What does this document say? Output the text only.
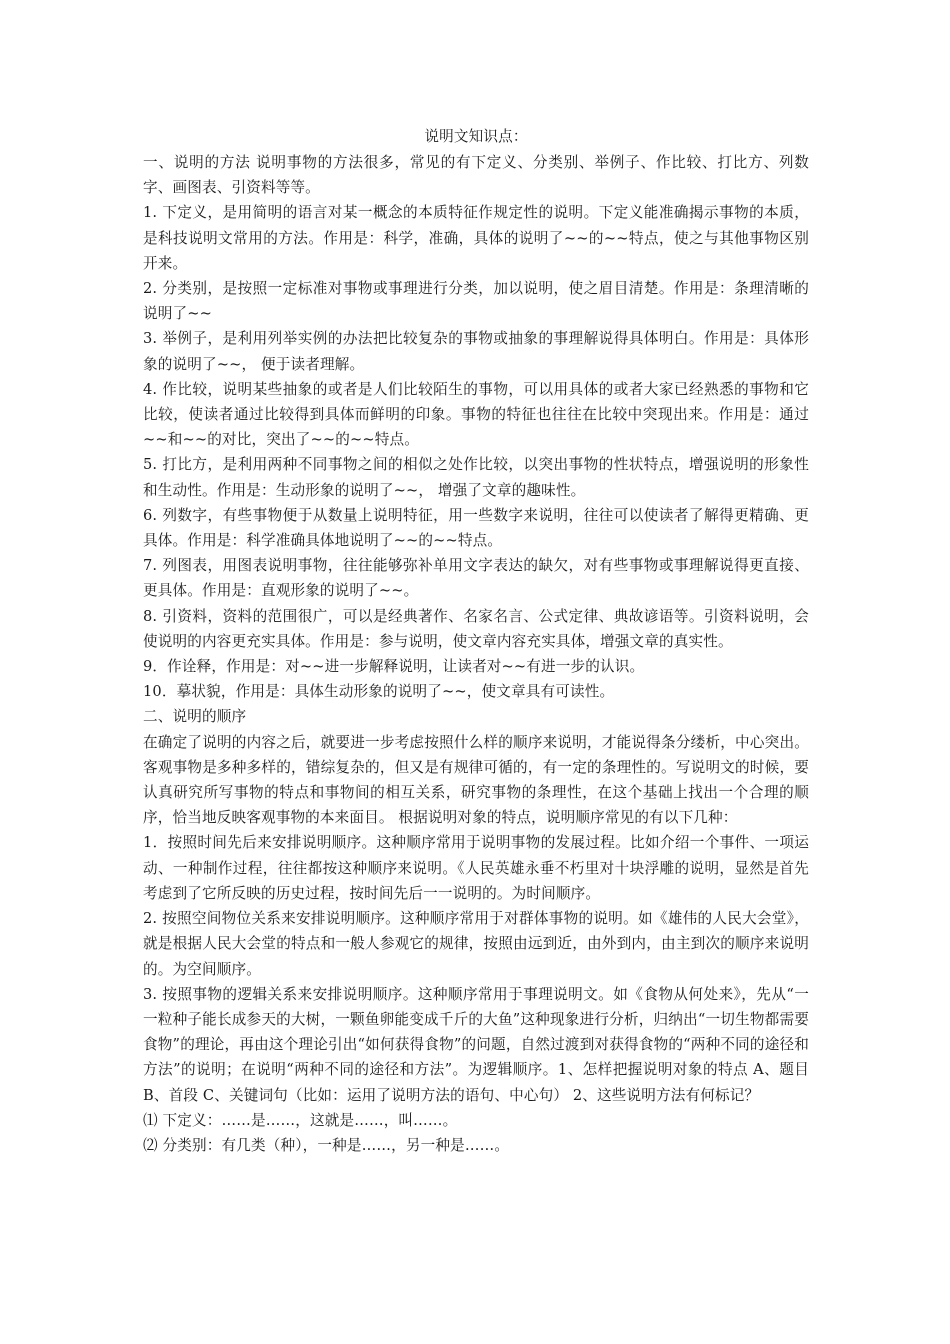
说明文知识点：

一、说明的方法 说明事物的方法很多，常见的有下定义、分类别、举例子、作比较、打比方、列数字、画图表、引资料等等。

1. 下定义，是用简明的语言对某一概念的本质特征作规定性的说明。下定义能准确揭示事物的本质，是科技说明文常用的方法。作用是：科学，准确，具体的说明了~~的~~特点，使之与其他事物区别开来。

2. 分类别，是按照一定标准对事物或事理进行分类，加以说明，使之眉目清楚。作用是：条理清晰的说明了~~

3. 举例子，是利用列举实例的办法把比较复杂的事物或抽象的事理解说得具体明白。作用是：具体形象的说明了~~， 便于读者理解。

4. 作比较，说明某些抽象的或者是人们比较陌生的事物，可以用具体的或者大家已经熟悉的事物和它比较，使读者通过比较得到具体而鲜明的印象。事物的特征也往往在比较中突现出来。作用是：通过~~和~~的对比，突出了~~的~~特点。

5. 打比方，是利用两种不同事物之间的相似之处作比较，以突出事物的性状特点，增强说明的形象性和生动性。作用是：生动形象的说明了~~， 增强了文章的趣味性。

6. 列数字，有些事物便于从数量上说明特征，用一些数字来说明，往往可以使读者了解得更精确、更具体。作用是：科学准确具体地说明了~~的~~特点。

7. 列图表，用图表说明事物，往往能够弥补单用文字表达的缺欠，对有些事物或事理解说得更直接、更具体。作用是：直观形象的说明了~~。

8. 引资料，资料的范围很广，可以是经典著作、名家名言、公式定律、典故谚语等。引资料说明，会使说明的内容更充实具体。作用是：参与说明，使文章内容充实具体，增强文章的真实性。

9．作诠释，作用是：对~~进一步解释说明，让读者对~~有进一步的认识。

10．摹状貌，作用是：具体生动形象的说明了~~，使文章具有可读性。

二、说明的顺序

在确定了说明的内容之后，就要进一步考虑按照什么样的顺序来说明，才能说得条分缕析，中心突出。客观事物是多种多样的，错综复杂的，但又是有规律可循的，有一定的条理性的。写说明文的时候，要认真研究所写事物的特点和事物间的相互关系，研究事物的条理性，在这个基础上找出一个合理的顺序，恰当地反映客观事物的本来面目。 根据说明对象的特点，说明顺序常见的有以下几种：

1．按照时间先后来安排说明顺序。这种顺序常用于说明事物的发展过程。比如介绍一个事件、一项运动、一种制作过程，往往都按这种顺序来说明。《人民英雄永垂不朽里对十块浮雕的说明，显然是首先考虑到了它所反映的历史过程，按时间先后一一说明的。为时间顺序。

2. 按照空间物位关系来安排说明顺序。这种顺序常用于对群体事物的说明。如《雄伟的人民大会堂》，就是根据人民大会堂的特点和一般人参观它的规律，按照由远到近，由外到内，由主到次的顺序来说明的。为空间顺序。

3. 按照事物的逻辑关系来安排说明顺序。这种顺序常用于事理说明文。如《食物从何处来》，先从“一一粒种子能长成参天的大树，一颗鱼卵能变成千斤的大鱼”这种现象进行分析，归纳出“一切生物都需要食物”的理论，再由这个理论引出“如何获得食物”的问题，自然过渡到对获得食物的“两种不同的途径和方法”的说明；在说明“两种不同的途径和方法”。为逻辑顺序。1、怎样把握说明对象的特点 A、题目 B、首段 C、关键词句（比如：运用了说明方法的语句、中心句） 2、这些说明方法有何标记？

⑴ 下定义：……是……，这就是……，叫……。

⑵ 分类别：有几类（种），一种是……，另一种是……。
